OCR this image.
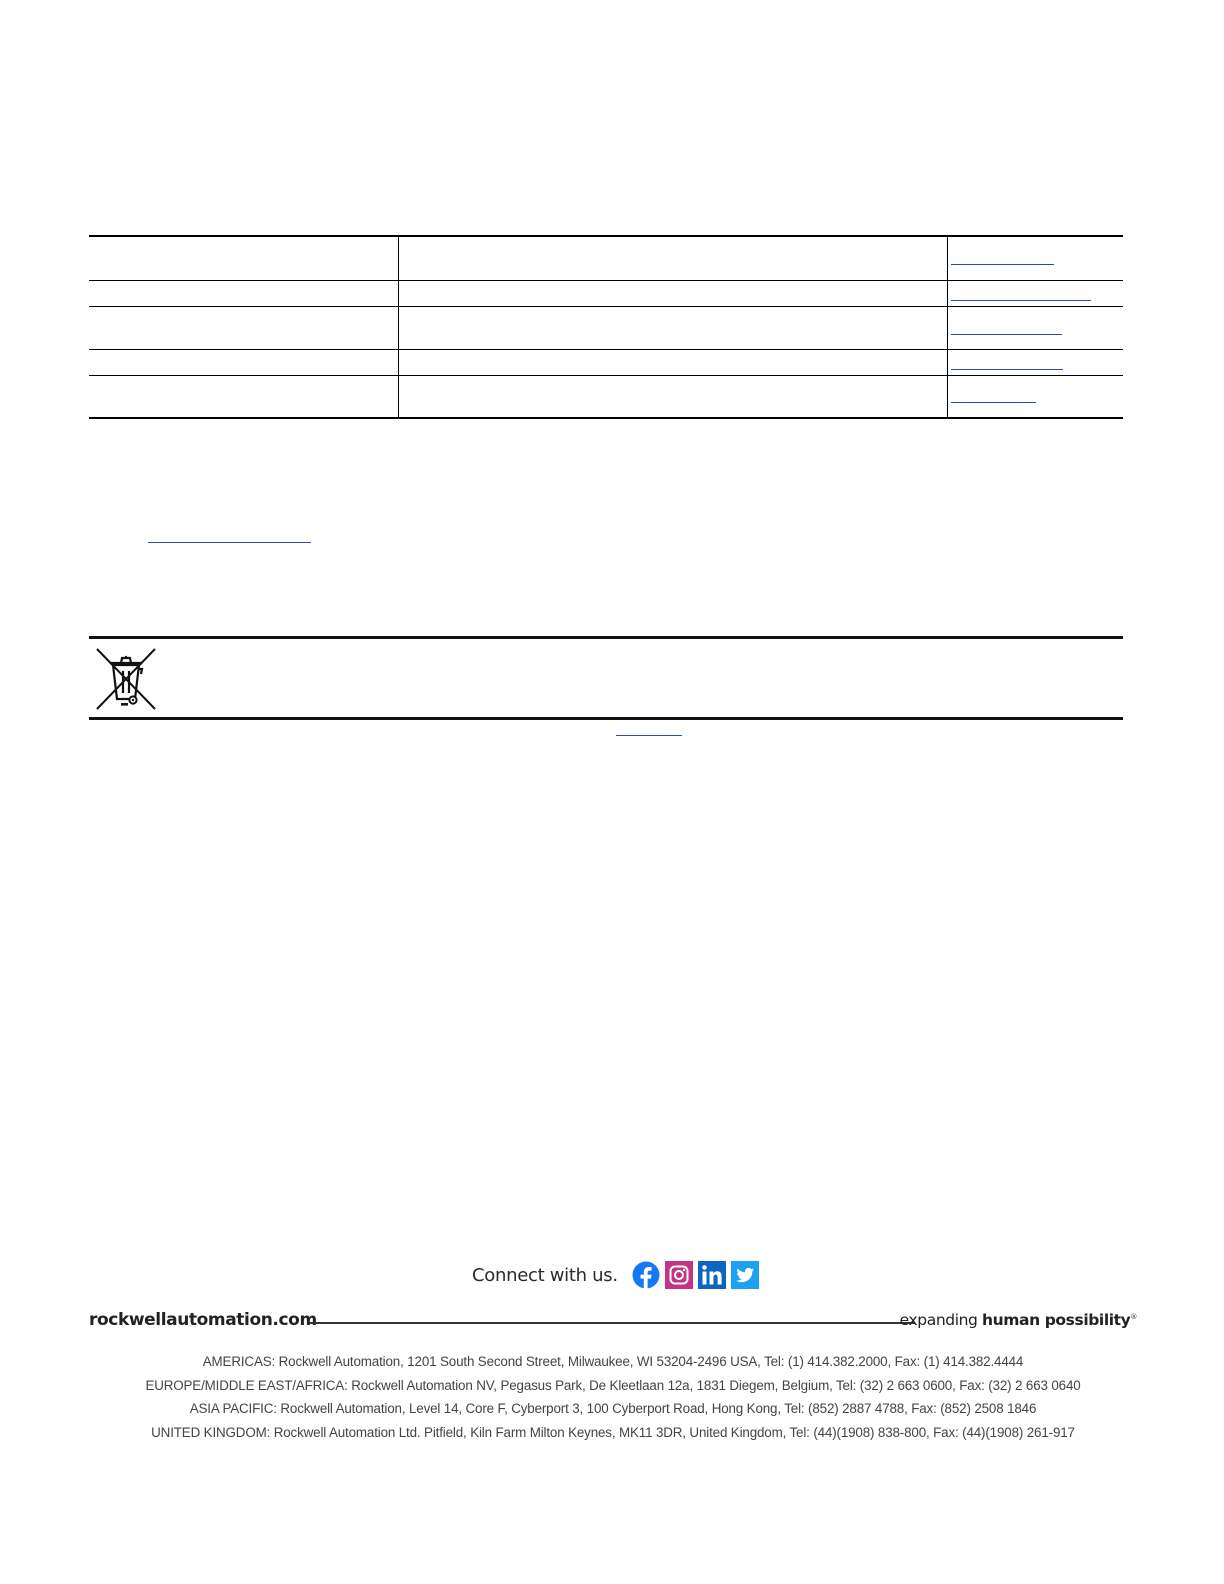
Connect with us.
rockwellautomation.com	expanding human possibility®
AMERICAS: Rockwell Automation, 1201 South Second Street, Milwaukee, WI 53204-2496 USA, Tel: (1) 414.382.2000, Fax: (1) 414.382.4444
EUROPE/MIDDLE EAST/AFRICA: Rockwell Automation NV, Pegasus Park, De Kleetlaan 12a, 1831 Diegem, Belgium, Tel: (32) 2 663 0600, Fax: (32) 2 663 0640
ASIA PACIFIC: Rockwell Automation, Level 14, Core F, Cyberport 3, 100 Cyberport Road, Hong Kong, Tel: (852) 2887 4788, Fax: (852) 2508 1846
UNITED KINGDOM: Rockwell Automation Ltd. Pitfield, Kiln Farm Milton Keynes, MK11 3DR, United Kingdom, Tel: (44)(1908) 838-800, Fax: (44)(1908) 261-917
